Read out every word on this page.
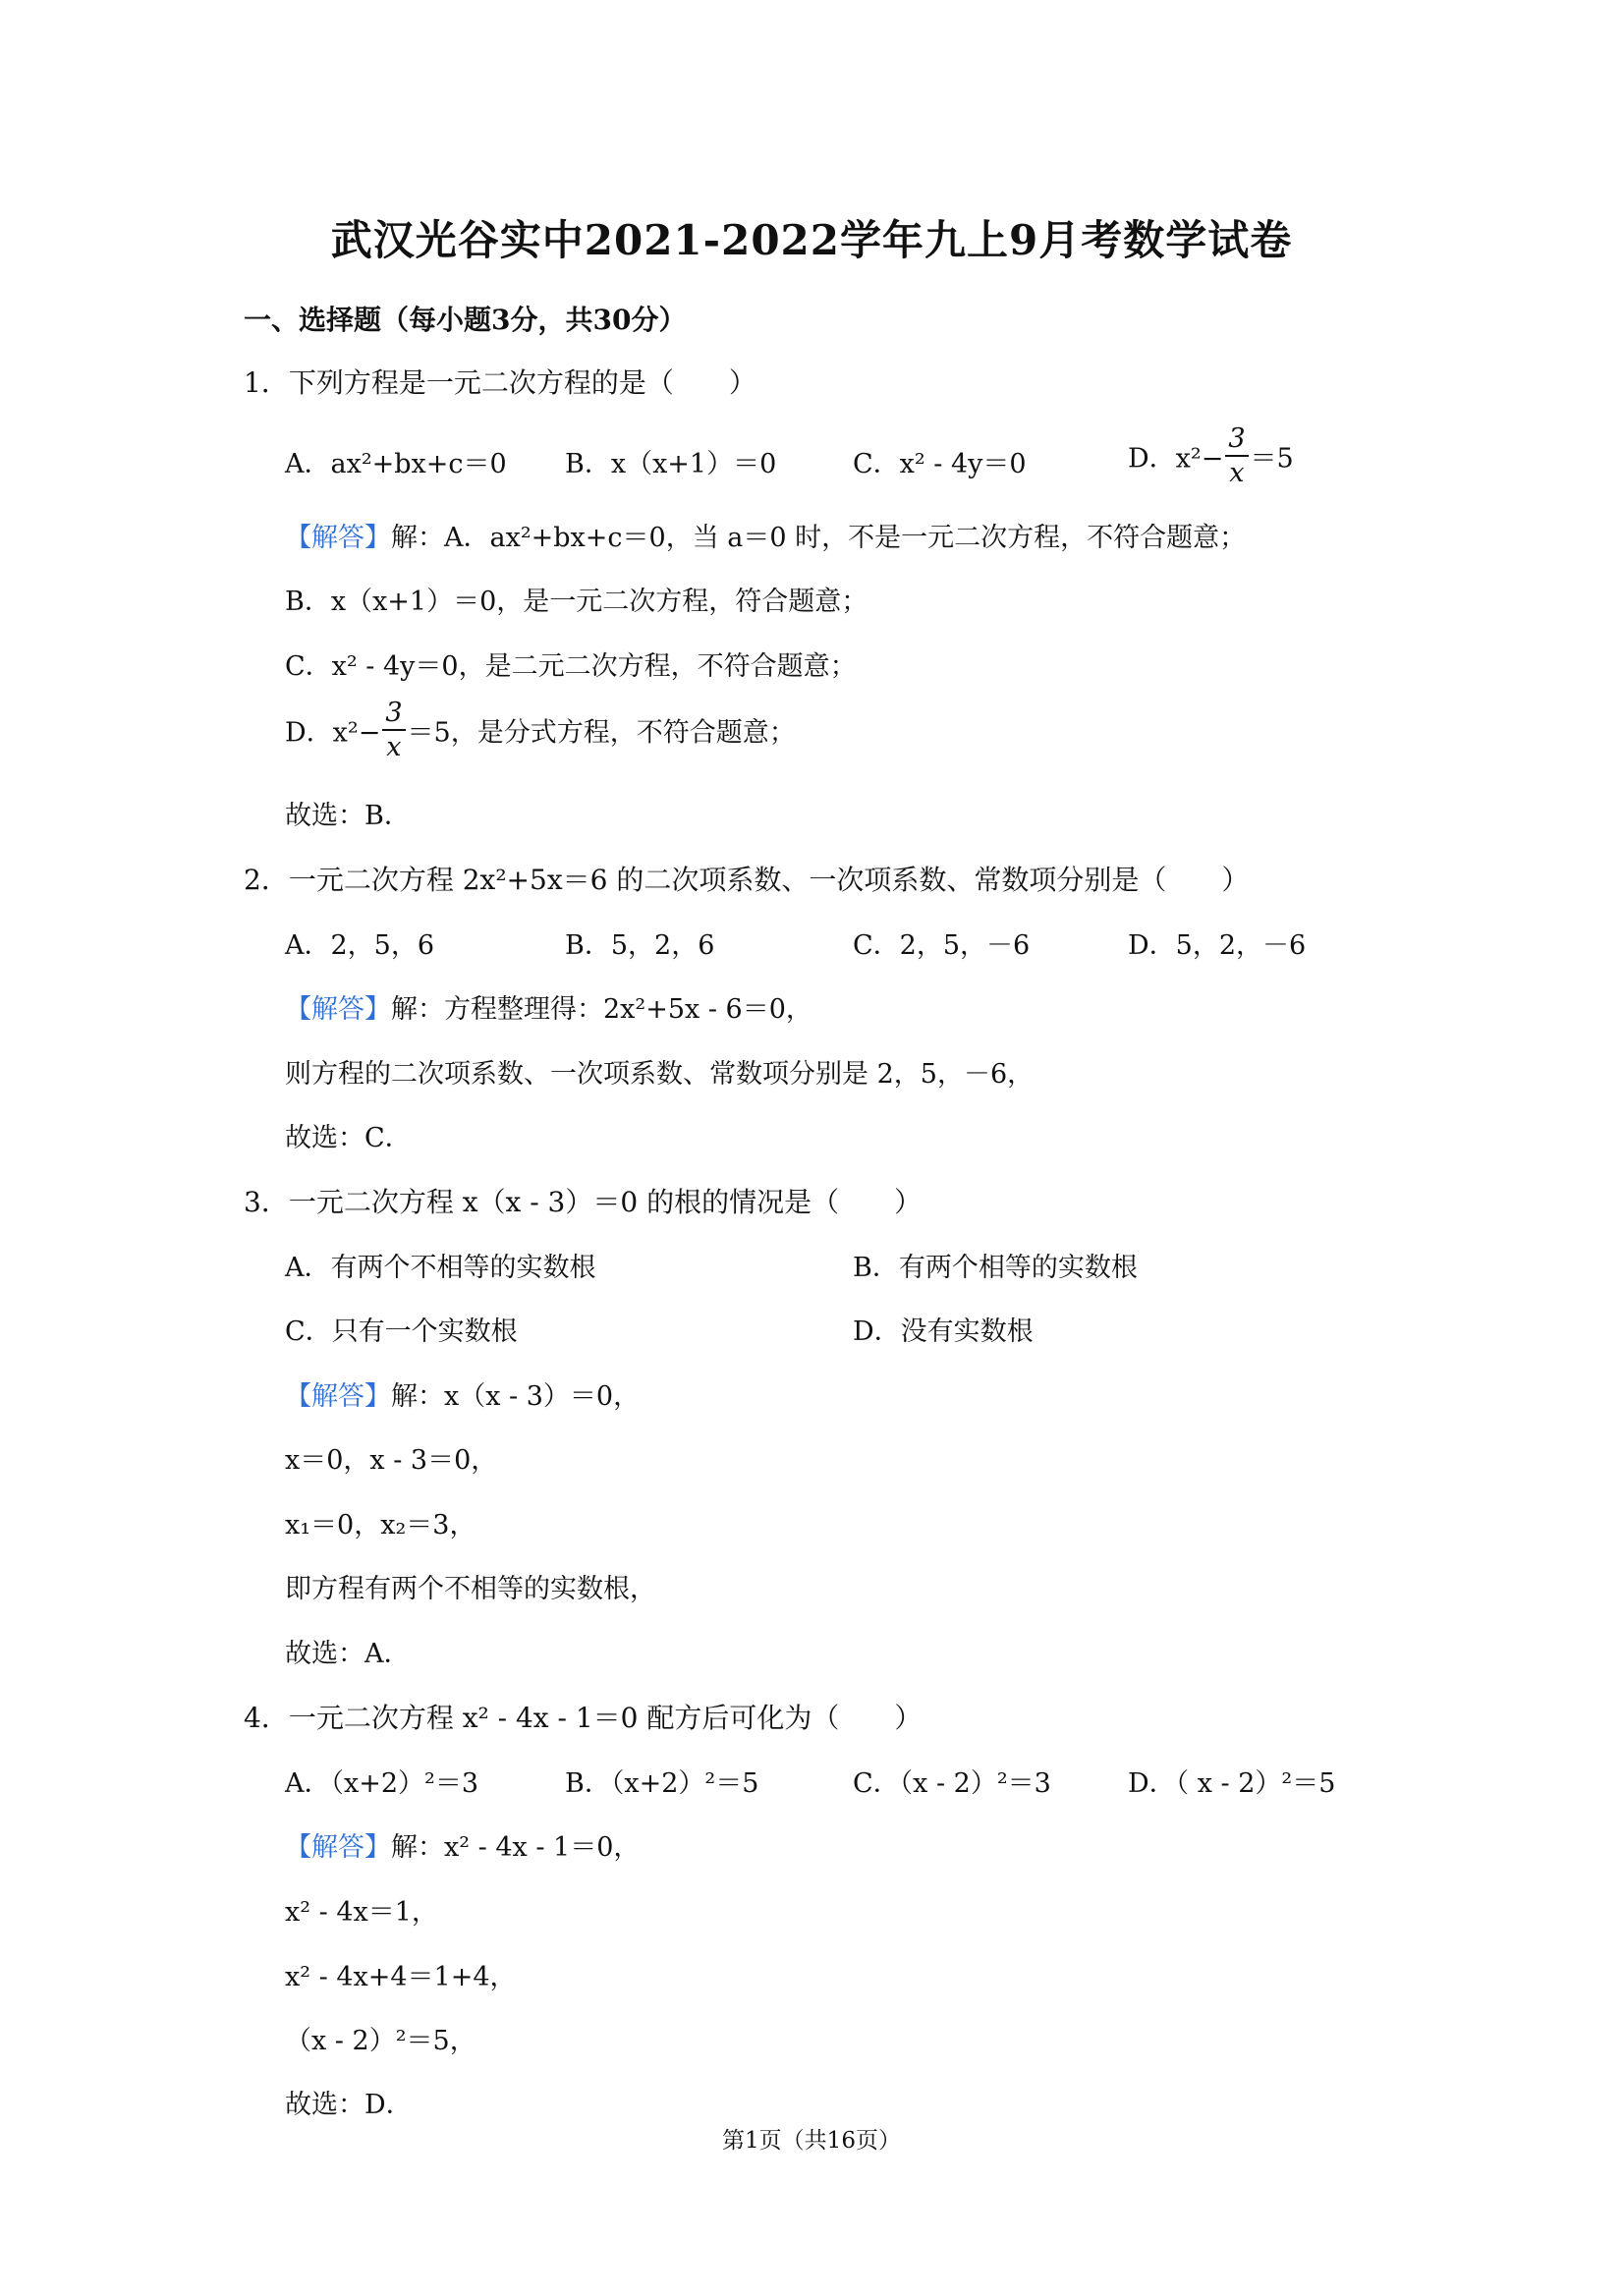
武汉光谷实中2021-2022学年九上9月考数学试卷
一、选择题（每小题3分，共30分）
1．下列方程是一元二次方程的是（　　）
A．ax²+bx+c＝0 B．x（x+1）＝0	C．x² - 4y＝0	D．$x^2- \frac{3}{x} =5$
【解答】解：A．ax²+bx+c＝0，当 a＝0 时，不是一元二次方程，不符合题意；
B．x（x+1）＝0，是一元二次方程，符合题意；
C．x² - 4y＝0，是二元二次方程，不符合题意；
D．$x^2- \frac{3}{x} =5$，是分式方程，不符合题意；
故选：B．
2．一元二次方程 2x²+5x＝6 的二次项系数、一次项系数、常数项分别是（　　）
A．2，5，6	B．5，2，6	C．2，5，－6	D．5，2，－6
【解答】解：方程整理得：2x²+5x - 6＝0，
则方程的二次项系数、一次项系数、常数项分别是 2，5，－6，
故选：C．
3．一元二次方程 x（x - 3）＝0 的根的情况是（　　）
A．有两个不相等的实数根	B．有两个相等的实数根
C．只有一个实数根	D．没有实数根
【解答】解：x（x - 3）＝0，
x＝0，x - 3＝0，
x₁＝0，x₂＝3，
即方程有两个不相等的实数根，
故选：A．
4．一元二次方程 x² - 4x - 1＝0 配方后可化为（　　）
A．（x+2）²＝3	B．（x+2）²＝5	C．（x - 2）²＝3	D．（ x - 2）²＝5
【解答】解：x² - 4x - 1＝0，
x² - 4x＝1，
x² - 4x+4＝1+4，
（x - 2）²＝5，
故选：D．
第1页（共16页）
